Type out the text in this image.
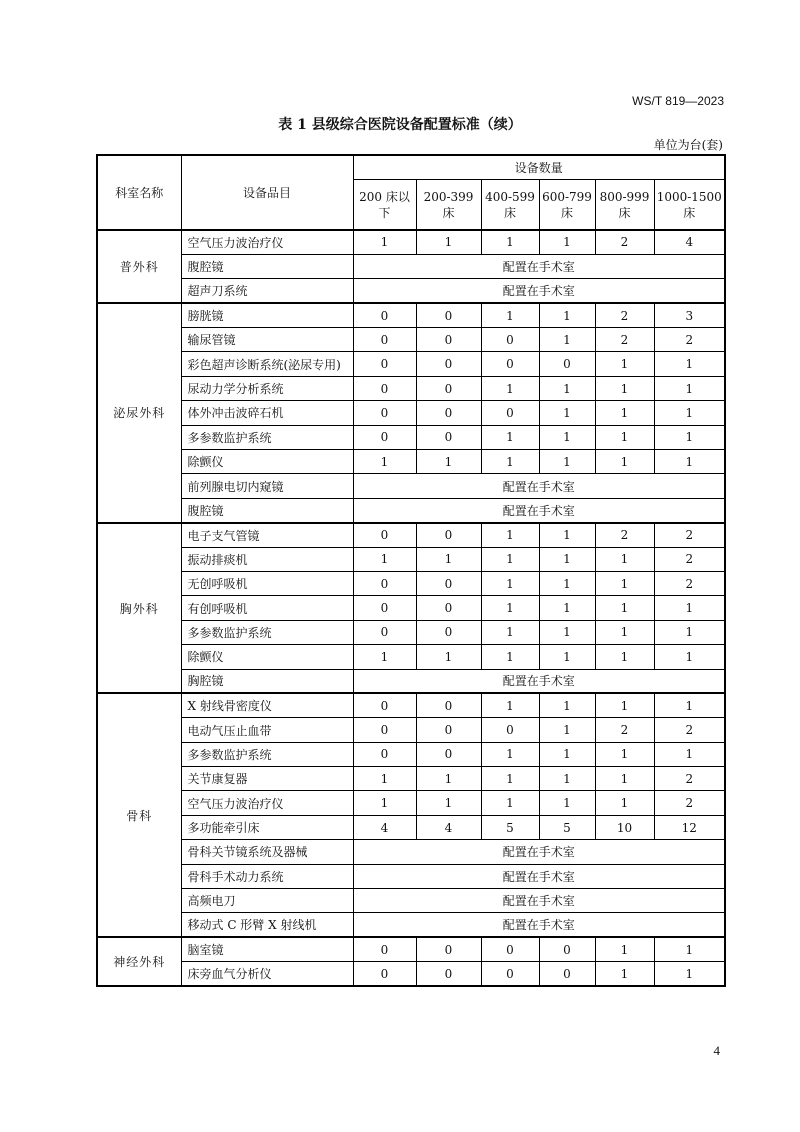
WS/T 819—2023
表 1 县级综合医院设备配置标准（续）
单位为台(套)
科室名称	设备品目	设备数量					
		200 床以下	200-399 床	400-599 床	600-799 床	800-999 床	1000-1500 床
普外科	空气压力波治疗仪	1	1	1	1	2	4
	腹腔镜	配置在手术室					
	超声刀系统	配置在手术室					
泌尿外科	膀胱镜	0	0	1	1	2	3
	输尿管镜	0	0	0	1	2	2
	彩色超声诊断系统(泌尿专用)	0	0	0	0	1	1
	尿动力学分析系统	0	0	1	1	1	1
	体外冲击波碎石机	0	0	0	1	1	1
	多参数监护系统	0	0	1	1	1	1
	除颤仪	1	1	1	1	1	1
	前列腺电切内窥镜	配置在手术室					
	腹腔镜	配置在手术室					
胸外科	电子支气管镜	0	0	1	1	2	2
	振动排痰机	1	1	1	1	1	2
	无创呼吸机	0	0	1	1	1	2
	有创呼吸机	0	0	1	1	1	1
	多参数监护系统	0	0	1	1	1	1
	除颤仪	1	1	1	1	1	1
	胸腔镜	配置在手术室					
骨科	X 射线骨密度仪	0	0	1	1	1	1
	电动气压止血带	0	0	0	1	2	2
	多参数监护系统	0	0	1	1	1	1
	关节康复器	1	1	1	1	1	2
	空气压力波治疗仪	1	1	1	1	1	2
	多功能牵引床	4	4	5	5	10	12
	骨科关节镜系统及器械	配置在手术室					
	骨科手术动力系统	配置在手术室					
	高频电刀	配置在手术室					
	移动式 C 形臂 X 射线机	配置在手术室					
神经外科	脑室镜	0	0	0	0	1	1
	床旁血气分析仪	0	0	0	0	1	1
4
